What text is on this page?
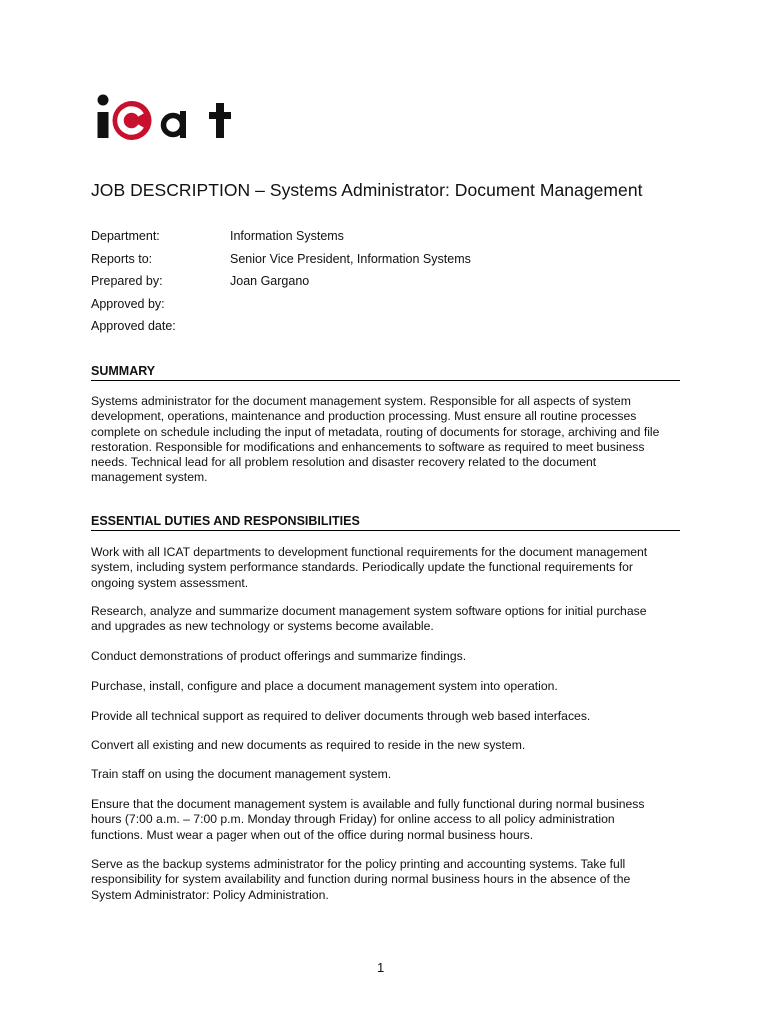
JOB DESCRIPTION – Systems Administrator: Document Management
Department:	Information Systems
Reports to:	Senior Vice President, Information Systems
Prepared by:	Joan Gargano
Approved by:
Approved date:
SUMMARY

Systems administrator for the document management system. Responsible for all aspects of system
development, operations, maintenance and production processing. Must ensure all routine processes
complete on schedule including the input of metadata, routing of documents for storage, archiving and file
restoration. Responsible for modifications and enhancements to software as required to meet business
needs. Technical lead for all problem resolution and disaster recovery related to the document
management system.

ESSENTIAL DUTIES AND RESPONSIBILITIES

Work with all ICAT departments to development functional requirements for the document management
system, including system performance standards. Periodically update the functional requirements for
ongoing system assessment.

Research, analyze and summarize document management system software options for initial purchase
and upgrades as new technology or systems become available.

Conduct demonstrations of product offerings and summarize findings.

Purchase, install, configure and place a document management system into operation.

Provide all technical support as required to deliver documents through web based interfaces.

Convert all existing and new documents as required to reside in the new system.

Train staff on using the document management system.

Ensure that the document management system is available and fully functional during normal business
hours (7:00 a.m. – 7:00 p.m. Monday through Friday) for online access to all policy administration
functions. Must wear a pager when out of the office during normal business hours.

Serve as the backup systems administrator for the policy printing and accounting systems. Take full
responsibility for system availability and function during normal business hours in the absence of the
System Administrator: Policy Administration.

1
